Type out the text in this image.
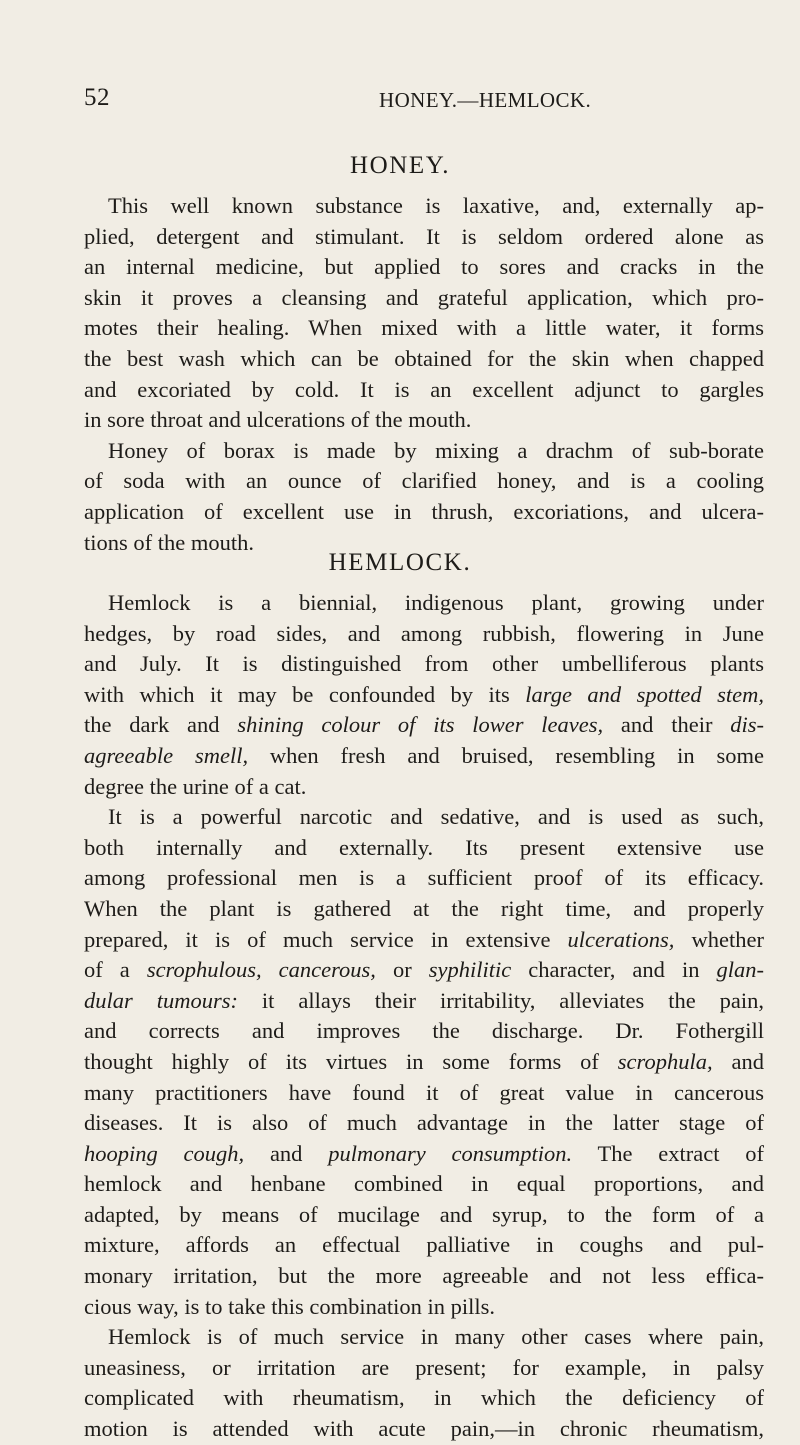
52	HONEY.—HEMLOCK.
HONEY.
This well known substance is laxative, and, externally ap-
plied, detergent and stimulant. It is seldom ordered alone as
an internal medicine, but applied to sores and cracks in the
skin it proves a cleansing and grateful application, which pro-
motes their healing. When mixed with a little water, it forms
the best wash which can be obtained for the skin when chapped
and excoriated by cold. It is an excellent adjunct to gargles
in sore throat and ulcerations of the mouth.
Honey of borax is made by mixing a drachm of sub-borate
of soda with an ounce of clarified honey, and is a cooling
application of excellent use in thrush, excoriations, and ulcera-
tions of the mouth.
HEMLOCK.
Hemlock is a biennial, indigenous plant, growing under
hedges, by road sides, and among rubbish, flowering in June
and July. It is distinguished from other umbelliferous plants
with which it may be confounded by its large and spotted stem,
the dark and shining colour of its lower leaves, and their dis-
agreeable smell, when fresh and bruised, resembling in some
degree the urine of a cat.
It is a powerful narcotic and sedative, and is used as such,
both internally and externally. Its present extensive use
among professional men is a sufficient proof of its efficacy.
When the plant is gathered at the right time, and properly
prepared, it is of much service in extensive ulcerations, whether
of a scrophulous, cancerous, or syphilitic character, and in glan-
dular tumours: it allays their irritability, alleviates the pain,
and corrects and improves the discharge. Dr. Fothergill
thought highly of its virtues in some forms of scrophula, and
many practitioners have found it of great value in cancerous
diseases. It is also of much advantage in the latter stage of
hooping cough, and pulmonary consumption. The extract of
hemlock and henbane combined in equal proportions, and
adapted, by means of mucilage and syrup, to the form of a
mixture, affords an effectual palliative in coughs and pul-
monary irritation, but the more agreeable and not less effica-
cious way, is to take this combination in pills.
Hemlock is of much service in many other cases where pain,
uneasiness, or irritation are present; for example, in palsy
complicated with rheumatism, in which the deficiency of
motion is attended with acute pain,—in chronic rheumatism,
